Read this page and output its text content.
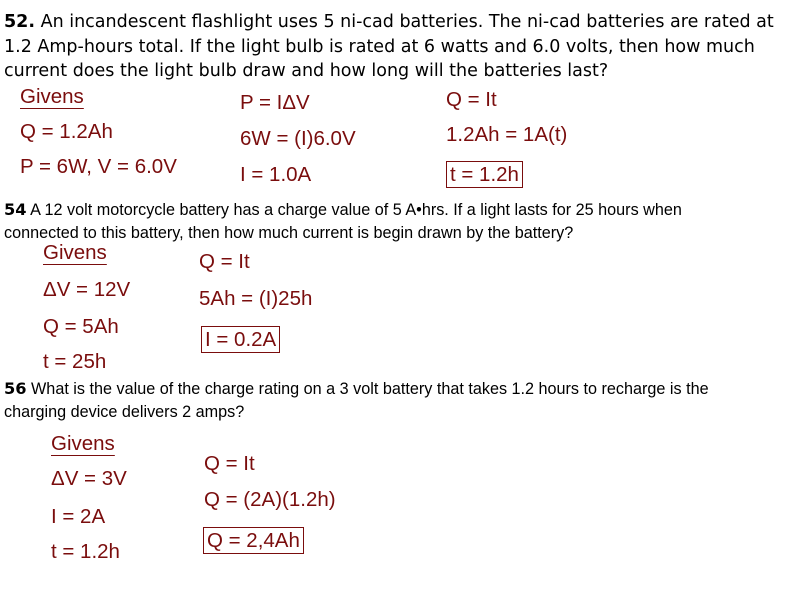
52. An incandescent flashlight uses 5 ni-cad batteries. The ni-cad batteries are rated at
1.2 Amp-hours total. If the light bulb is rated at 6 watts and 6.0 volts, then how much
current does the light bulb draw and how long will the batteries last?
Givens
Q = 1.2Ah
P = 6W, V = 6.0V
P = IΔV
6W = (I)6.0V
I = 1.0A
Q = It
1.2Ah = 1A(t)
t = 1.2h
54 A 12 volt motorcycle battery has a charge value of 5 A•hrs. If a light lasts for 25 hours when
connected to this battery, then how much current is begin drawn by the battery?
Givens
ΔV = 12V
Q = 5Ah
t = 25h
Q = It
5Ah = (I)25h
I = 0.2A
56 What is the value of the charge rating on a 3 volt battery that takes 1.2 hours to recharge is the
charging device delivers 2 amps?
Givens
ΔV = 3V
I = 2A
t = 1.2h
Q = It
Q = (2A)(1.2h)
Q = 2,4Ah
